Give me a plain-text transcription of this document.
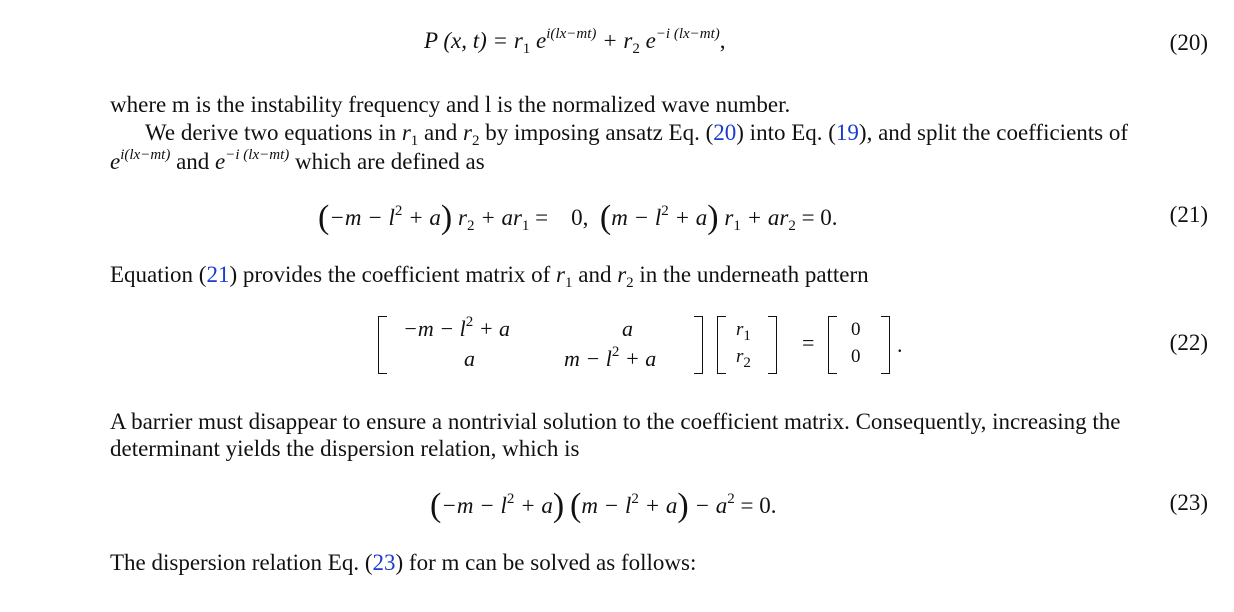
P (x, $t) = r_1$ $e^{i(lx-mt)} + r_2$ $e^{-i (lx-mt)}$,	(20)
where m is the instability frequency and l is the normalized wave number.
We derive two equations in $r_1$ and $r_2$ by imposing ansatz Eq. (20) into Eq. (19), and split the coefficients of
$e^{i(lx-mt)}$ and $e^{-i (lx-mt)}$ which are defined as
$(-m - l^2 + a)$ $r_2 + ar_1$ =    0,  $(m - l^2 + a)$ $r_1 + ar_2 = 0$.	(21)
Equation (21) provides the coefficient matrix of $r_1$ and $r_2$ in the underneath pattern
$-m - l^2 + a$	a
a	$m - l^2 + a$
$r_1$
$r_2$
=
0
0 .	(22)
A barrier must disappear to ensure a nontrivial solution to the coefficient matrix. Consequently, increasing the
determinant yields the dispersion relation, which is
$(-m - l^2 + a)$ $(m - l^2 + a) - a^2 = 0$.	(23)
The dispersion relation Eq. (23) for m can be solved as follows:
